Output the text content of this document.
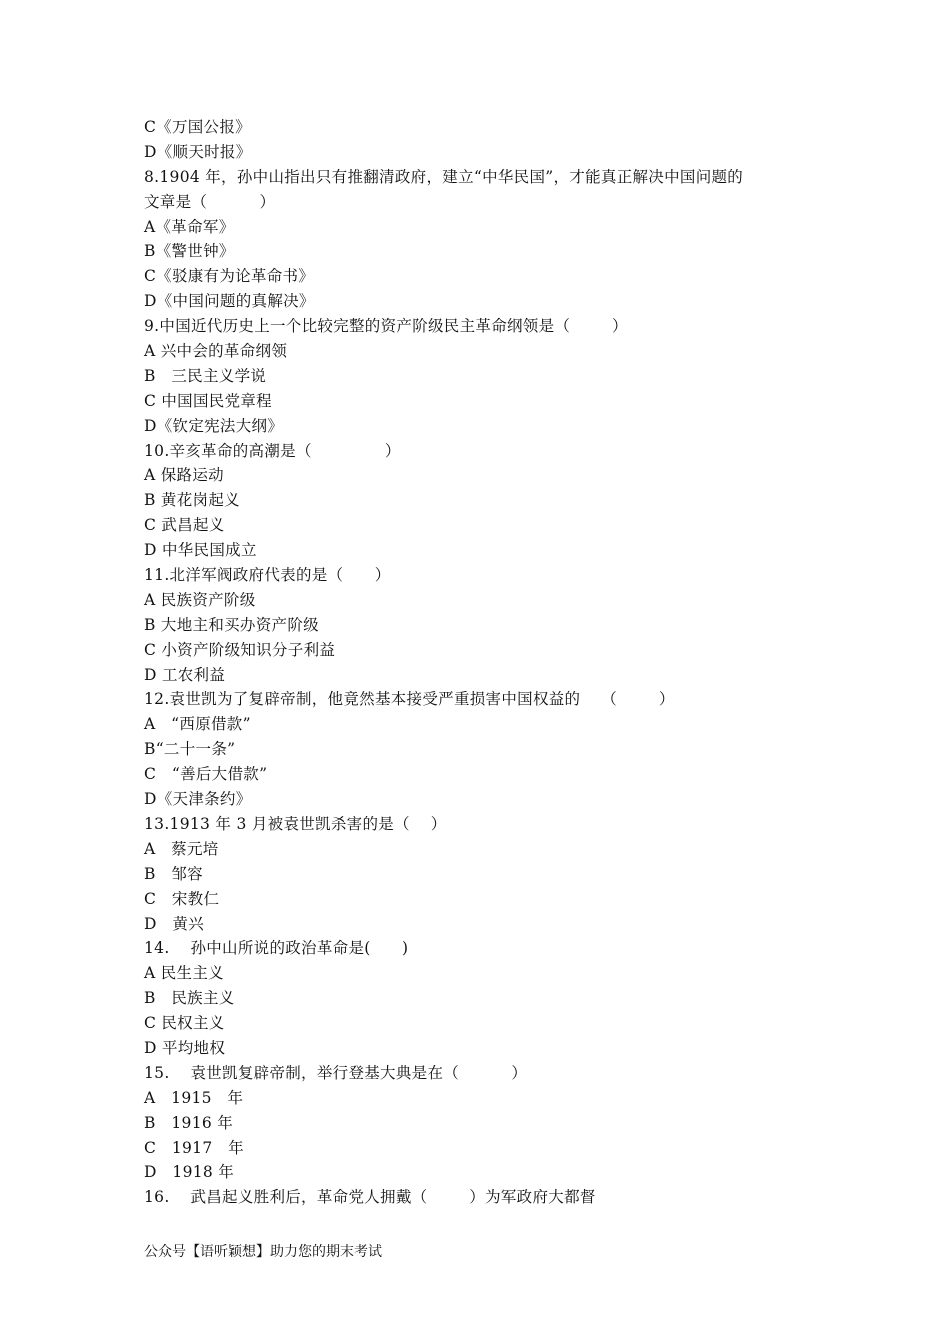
C《万国公报》
D《顺天时报》
8.1904 年，孙中山指出只有推翻清政府，建立“中华民国”，才能真正解决中国问题的
文章是（          ）
A《革命军》
B《警世钟》
C《驳康有为论革命书》
D《中国问题的真解决》
9.中国近代历史上一个比较完整的资产阶级民主革命纲领是（        ）
A 兴中会的革命纲领
B   三民主义学说
C 中国国民党章程
D《钦定宪法大纲》
10.辛亥革命的高潮是（              ）
A 保路运动
B 黄花岗起义
C 武昌起义
D 中华民国成立
11.北洋军阀政府代表的是（      ）
A 民族资产阶级
B 大地主和买办资产阶级
C 小资产阶级知识分子利益
D 工农利益
12.袁世凯为了复辟帝制，他竟然基本接受严重损害中国权益的    （        ）
A   “西原借款”
B“二十一条”
C   “善后大借款”
D《天津条约》
13.1913 年 3 月被袁世凯杀害的是（    ）
A   蔡元培
B   邹容
C   宋教仁
D   黄兴
14.    孙中山所说的政治革命是(      )
A 民生主义
B   民族主义
C 民权主义
D 平均地权
15.    袁世凯复辟帝制，举行登基大典是在（          ）
A   1915   年
B   1916 年
C   1917   年
D   1918 年
16.    武昌起义胜利后，革命党人拥戴（        ）为军政府大都督
公众号【语听颖想】助力您的期末考试
